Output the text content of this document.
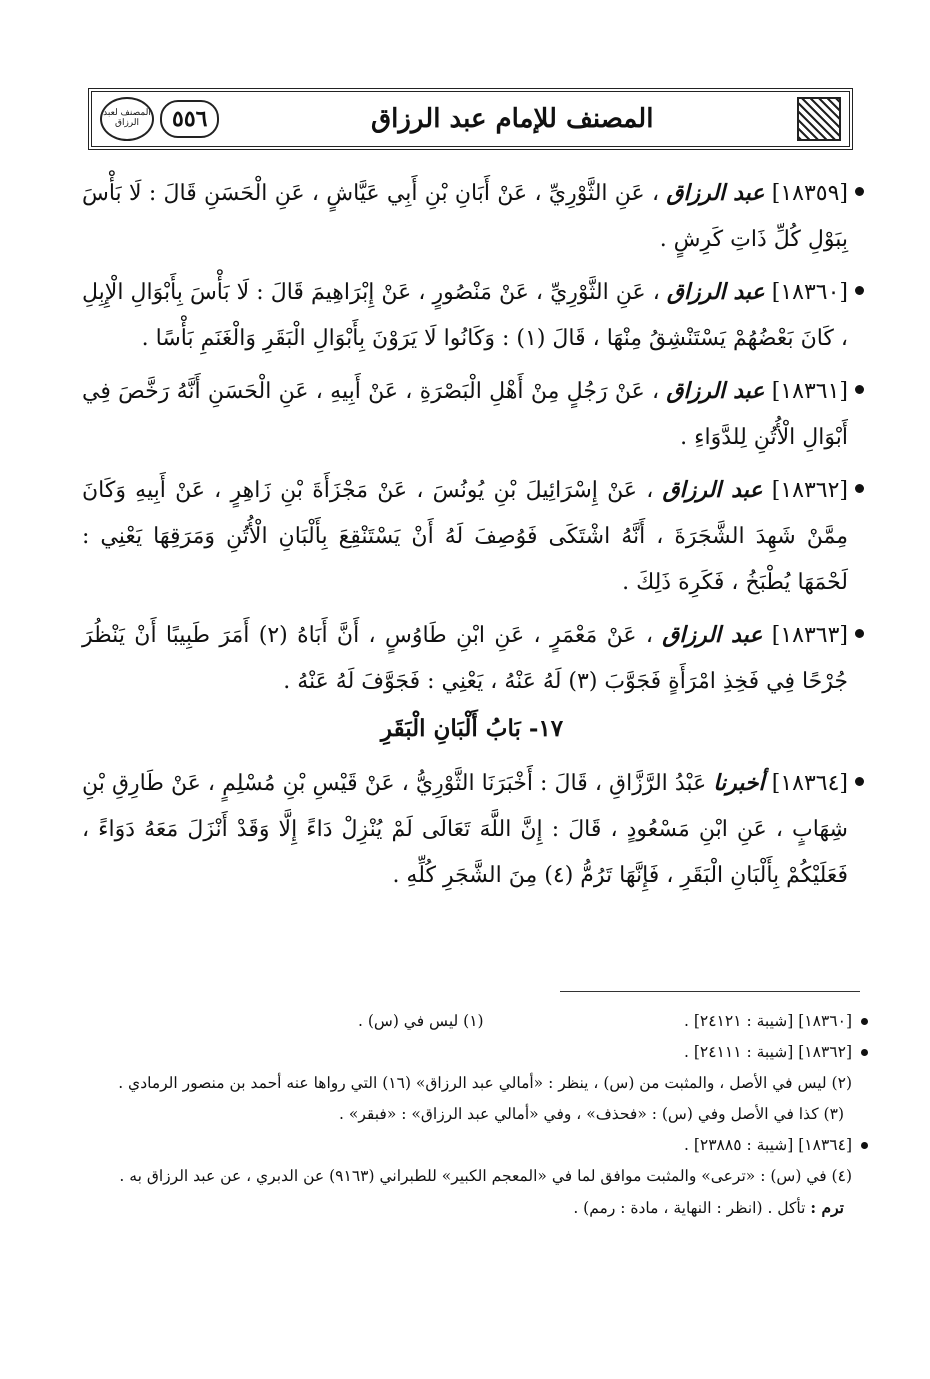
المصنف لعبد الرزاق	٥٥٦	المصنف للإمام عبد الرزاق
[١٨٣٥٩] عبد الرزاق ، عَنِ الثَّوْرِيِّ ، عَنْ أَبَانِ بْنِ أَبِي عَيَّاشٍ ، عَنِ الْحَسَنِ قَالَ : لَا بَأْسَ بِبَوْلِ كُلِّ ذَاتِ كَرِشٍ .
[١٨٣٦٠] عبد الرزاق ، عَنِ الثَّوْرِيِّ ، عَنْ مَنْصُورٍ ، عَنْ إِبْرَاهِيمَ قَالَ : لَا بَأْسَ بِأَبْوَالِ الْإِبِلِ ، كَانَ بَعْضُهُمْ يَسْتَنْشِقُ مِنْهَا ، قَالَ (١) : وَكَانُوا لَا يَرَوْنَ بِأَبْوَالِ الْبَقَرِ وَالْغَنَمِ بَأْسًا .
[١٨٣٦١] عبد الرزاق ، عَنْ رَجُلٍ مِنْ أَهْلِ الْبَصْرَةِ ، عَنْ أَبِيهِ ، عَنِ الْحَسَنِ أَنَّهُ رَخَّصَ فِي أَبْوَالِ الْأُتُنِ لِلدَّوَاءِ .
[١٨٣٦٢] عبد الرزاق ، عَنْ إِسْرَائِيلَ بْنِ يُونُسَ ، عَنْ مَجْزَأَةَ بْنِ زَاهِرٍ ، عَنْ أَبِيهِ وَكَانَ مِمَّنْ شَهِدَ الشَّجَرَةَ ، أَنَّهُ اشْتَكَى فَوُصِفَ لَهُ أَنْ يَسْتَنْقِعَ بِأَلْبَانِ الْأُتُنِ وَمَرَقِهَا يَعْنِي : لَحْمَهَا يُطْبَخُ ، فَكَرِهَ ذَلِكَ .
[١٨٣٦٣] عبد الرزاق ، عَنْ مَعْمَرٍ ، عَنِ ابْنِ طَاوُسٍ ، أَنَّ أَبَاهُ (٢) أَمَرَ طَبِيبًا أَنْ يَنْظُرَ جُرْحًا فِي فَخِذِ امْرَأَةٍ فَجَوَّبَ (٣) لَهُ عَنْهُ ، يَعْنِي : فَجَوَّفَ لَهُ عَنْهُ .
١٧- بَابُ أَلْبَانِ الْبَقَرِ
[١٨٣٦٤] أخبرنا عَبْدُ الرَّزَّاقِ ، قَالَ : أَخْبَرَنَا الثَّوْرِيُّ ، عَنْ قَيْسِ بْنِ مُسْلِمٍ ، عَنْ طَارِقِ بْنِ شِهَابٍ ، عَنِ ابْنِ مَسْعُودٍ ، قَالَ : إِنَّ اللَّهَ تَعَالَى لَمْ يُنْزِلْ دَاءً إِلَّا وَقَدْ أَنْزَلَ مَعَهُ دَوَاءً ، فَعَلَيْكُمْ بِأَلْبَانِ الْبَقَرِ ، فَإِنَّهَا تَرُمُّ (٤) مِنَ الشَّجَرِ كُلِّهِ .
[١٨٣٦٠] [شيبة : ٢٤١٢١] .
(١) ليس في (س) .
[١٨٣٦٢] [شيبة : ٢٤١١١] .
(٢) ليس في الأصل ، والمثبت من (س) ، ينظر : «أمالي عبد الرزاق» (١٦) التي رواها عنه أحمد بن منصور الرمادي .
(٣) كذا في الأصل وفي (س) : «فحذف» ، وفي «أمالي عبد الرزاق» : «فبقر» .
[١٨٣٦٤] [شيبة : ٢٣٨٨٥] .
(٤) في (س) : «ترعى» والمثبت موافق لما في «المعجم الكبير» للطبراني (٩١٦٣) عن الدبري ، عن عبد الرزاق به .
ترم : تأكل . (انظر : النهاية ، مادة : رمم) .
